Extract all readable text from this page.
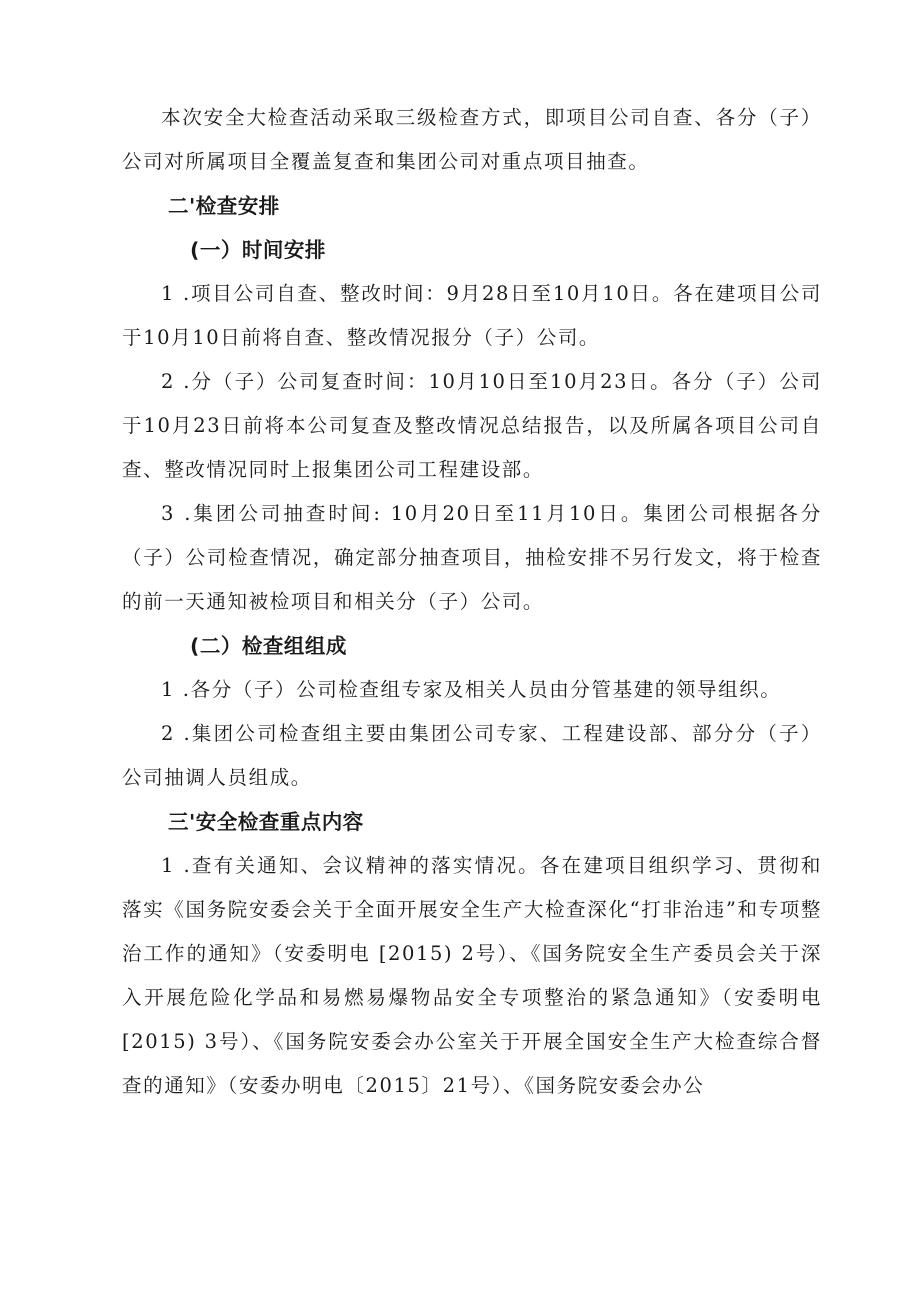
本次安全大检查活动采取三级检查方式，即项目公司自查、各分（子）公司对所属项目全覆盖复查和集团公司对重点项目抽查。

二'检查安排
(一）时间安排

1 .项目公司自查、整改时间：9月28日至10月10日。各在建项目公司于10月10日前将自查、整改情况报分（子）公司。

2 .分（子）公司复查时间：10月10日至10月23日。各分（子）公司于10月23日前将本公司复查及整改情况总结报告，以及所属各项目公司自查、整改情况同时上报集团公司工程建设部。

3 .集团公司抽查时间: 10月20日至11月10日。集团公司根据各分（子）公司检查情况，确定部分抽查项目，抽检安排不另行发文，将于检查的前一天通知被检项目和相关分（子）公司。

(二）检查组组成

1 .各分（子）公司检查组专家及相关人员由分管基建的领导组织。

2 .集团公司检查组主要由集团公司专家、工程建设部、部分分（子）公司抽调人员组成。

三'安全检查重点内容

1 .查有关通知、会议精神的落实情况。各在建项目组织学习、贯彻和落实《国务院安委会关于全面开展安全生产大检查深化“打非治违”和专项整治工作的通知》（安委明电 [2015) 2号）、《国务院安全生产委员会关于深入开展危险化学品和易燃易爆物品安全专项整治的紧急通知》（安委明电 [2015) 3号）、《国务院安委会办公室关于开展全国安全生产大检查综合督查的通知》（安委办明电〔2015〕21号）、《国务院安委会办公
